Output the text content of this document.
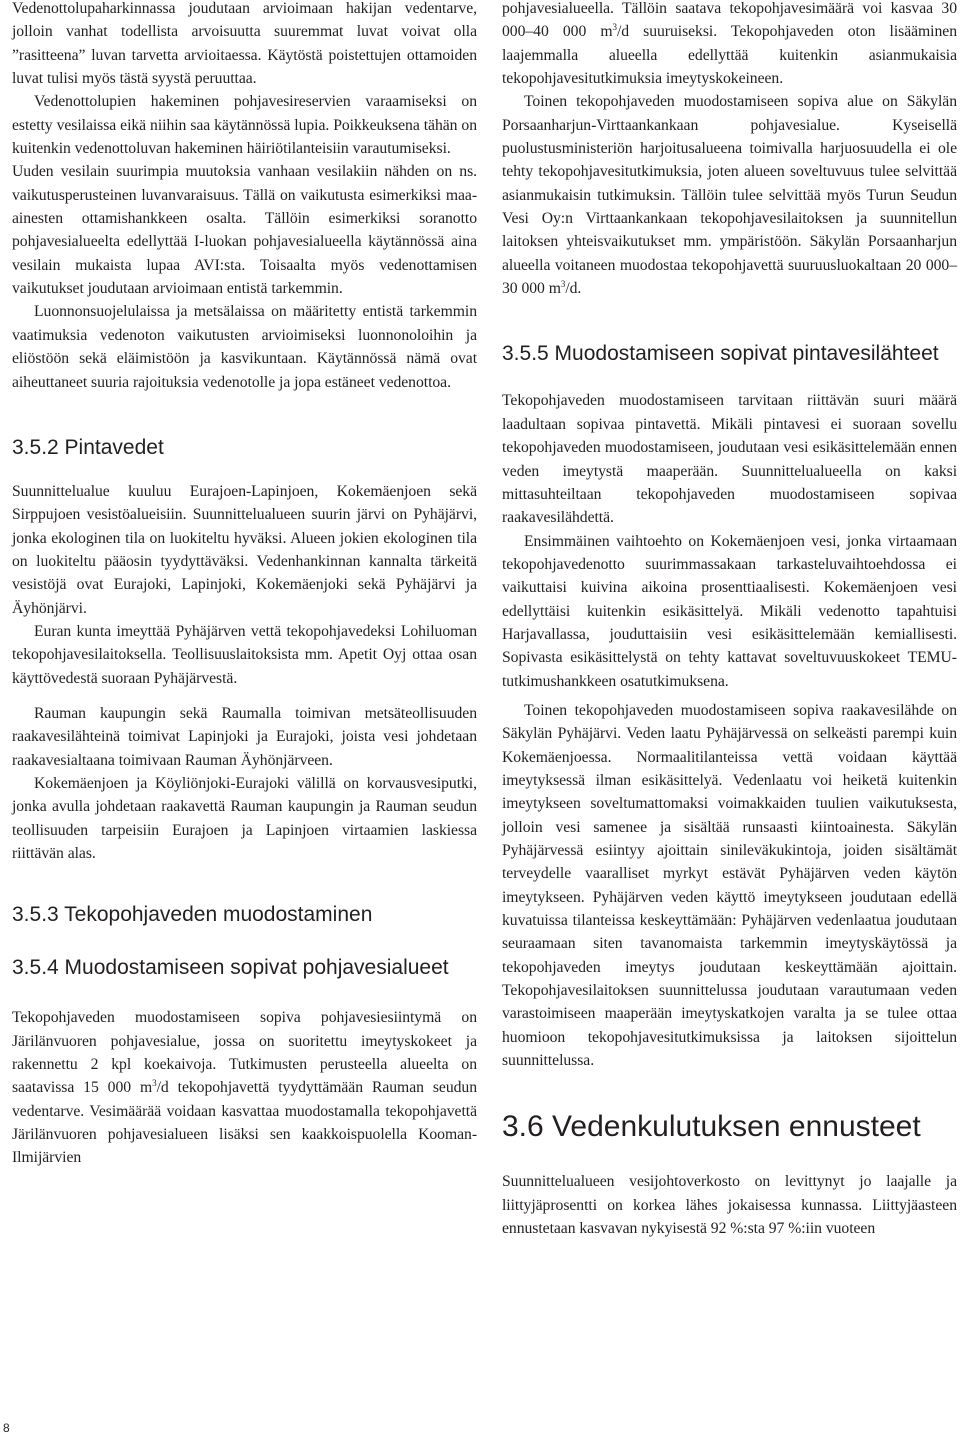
Vedenottolupaharkinnassa joudutaan arvioimaan hakijan vedentarve, jolloin vanhat todellista arvoisuutta suuremmat luvat voivat olla ”rasitteena” luvan tarvetta arvioitaessa. Käytöstä poistettujen ottamoiden luvat tulisi myös tästä syystä peruuttaa.

Vedenottolupien hakeminen pohjavesireservien varaamiseksi on estetty vesilaissa eikä niihin saa käytännössä lupia. Poikkeuksena tähän on kuitenkin vedenottoluvan hakeminen häiriötilanteisiin varautumiseksi.

Uuden vesilain suurimpia muutoksia vanhaan vesilakiin nähden on ns. vaikutusperusteinen luvanvaraisuus. Tällä on vaikutusta esimerkiksi maa-ainesten ottamishankkeen osalta. Tällöin esimerkiksi soranotto pohjavesialueelta edellyttää I-luokan pohjavesialueella käytännössä aina vesilain mukaista lupaa AVI:sta. Toisaalta myös vedenottamisen vaikutukset joudutaan arvioimaan entistä tarkemmin.

Luonnonsuojelulaissa ja metsälaissa on määritetty entistä tarkemmin vaatimuksia vedenoton vaikutusten arvioimiseksi luonnonoloihin ja eliöstöön sekä eläimistöön ja kasvikuntaan. Käytännössä nämä ovat aiheuttaneet suuria rajoituksia vedenotolle ja jopa estäneet vedenottoa.

3.5.2 Pintavedet

Suunnittelualue kuuluu Eurajoen-Lapinjoen, Kokemäenjoen sekä Sirppujoen vesistöalueisiin. Suunnittelualueen suurin järvi on Pyhäjärvi, jonka ekologinen tila on luokiteltu hyväksi. Alueen jokien ekologinen tila on luokiteltu pääosin tyydyttäväksi. Vedenhankinnan kannalta tärkeitä vesistöjä ovat Eurajoki, Lapinjoki, Kokemäenjoki sekä Pyhäjärvi ja Äyhönjärvi.

Euran kunta imeyttää Pyhäjärven vettä tekopohjavedeksi Lohiluoman tekopohjavesilaitoksella. Teollisuuslaitoksista mm. Apetit Oyj ottaa osan käyttövedestä suoraan Pyhäjärvestä.

Rauman kaupungin sekä Raumalla toimivan metsäteollisuuden raakavesilähteinä toimivat Lapinjoki ja Eurajoki, joista vesi johdetaan raakavesialtaana toimivaan Rauman Äyhönjärveen.

Kokemäenjoen ja Köyliönjoki-Eurajoki välillä on korvausvesiputki, jonka avulla johdetaan raakavettä Rauman kaupungin ja Rauman seudun teollisuuden tarpeisiin Eurajoen ja Lapinjoen virtaamien laskiessa riittävän alas.

3.5.3 Tekopohjaveden muodostaminen
3.5.4 Muodostamiseen sopivat pohjavesialueet

Tekopohjaveden muodostamiseen sopiva pohjavesiesiintymä on Järilänvuoren pohjavesialue, jossa on suoritettu imeytyskokeet ja rakennettu 2 kpl koekaivoja. Tutkimusten perusteella alueelta on saatavissa 15 000 $m^3/d$ tekopohjavettä tyydyttämään Rauman seudun vedentarve. Vesimäärää voidaan kasvattaa muodostamalla tekopohjavettä Järilänvuoren pohjavesialueen lisäksi sen kaakkoispuolella Kooman-Ilmijärvien

pohjavesialueella. Tällöin saatava tekopohjavesimäärä voi kasvaa 30 000–40 000 $m^3/d$ suuruiseksi. Tekopohjaveden oton lisääminen laajemmalla alueella edellyttää kuitenkin asianmukaisia tekopohjavesitutkimuksia imeytyskokeineen.

Toinen tekopohjaveden muodostamiseen sopiva alue on Säkylän Porsaanharjun-Virttaankankaan pohjavesialue. Kyseisellä puolustusministeriön harjoitusalueena toimivalla harjuosuudella ei ole tehty tekopohjavesitutkimuksia, joten alueen soveltuvuus tulee selvittää asianmukaisin tutkimuksin. Tällöin tulee selvittää myös Turun Seudun Vesi Oy:n Virttaankankaan tekopohjavesilaitoksen ja suunnitellun laitoksen yhteisvaikutukset mm. ympäristöön. Säkylän Porsaanharjun alueella voitaneen muodostaa tekopohjavettä suuruusluokaltaan 20 000– 30 000 $m^3/d$.

3.5.5 Muodostamiseen sopivat pintavesilähteet

Tekopohjaveden muodostamiseen tarvitaan riittävän suuri määrä laadultaan sopivaa pintavettä. Mikäli pintavesi ei suoraan sovellu tekopohjaveden muodostamiseen, joudutaan vesi esikäsittelemään ennen veden imeytystä maaperään. Suunnittelualueella on kaksi mittasuhteiltaan tekopohjaveden muodostamiseen sopivaa raakavesilähdettä.

Ensimmäinen vaihtoehto on Kokemäenjoen vesi, jonka virtaamaan tekopohjavedenotto suurimmassakaan tarkasteluvaihtoehdossa ei vaikuttaisi kuivina aikoina prosenttiaalisesti. Kokemäenjoen vesi edellyttäisi kuitenkin esikäsittelyä. Mikäli vedenotto tapahtuisi Harjavallassa, jouduttaisiin vesi esikäsittelemään kemiallisesti. Sopivasta esikäsittelystä on tehty kattavat soveltuvuuskokeet TEMU-tutkimushankkeen osatutkimuksena.

Toinen tekopohjaveden muodostamiseen sopiva raakavesilähde on Säkylän Pyhäjärvi. Veden laatu Pyhäjärvessä on selkeästi parempi kuin Kokemäenjoessa. Normaalitilanteissa vettä voidaan käyttää imeytyksessä ilman esikäsittelyä. Vedenlaatu voi heiketä kuitenkin imeytykseen soveltumattomaksi voimakkaiden tuulien vaikutuksesta, jolloin vesi samenee ja sisältää runsaasti kiintoainesta. Säkylän Pyhäjärvessä esiintyy ajoittain sinileväkukintoja, joiden sisältämät terveydelle vaaralliset myrkyt estävät Pyhäjärven veden käytön imeytykseen. Pyhäjärven veden käyttö imeytykseen joudutaan edellä kuvatuissa tilanteissa keskeyttämään: Pyhäjärven vedenlaatua joudutaan seuraamaan siten tavanomaista tarkemmin imeytyskäytössä ja tekopohjaveden imeytys joudutaan keskeyttämään ajoittain. Tekopohjavesilaitoksen suunnittelussa joudutaan varautumaan veden varastoimiseen maaperään imeytyskatkojen varalta ja se tulee ottaa huomioon tekopohjavesitutkimuksissa ja laitoksen sijoittelun suunnittelussa.

3.6 Vedenkulutuksen ennusteet

Suunnittelualueen vesijohtoverkosto on levittynyt jo laajalle ja liittyjäprosentti on korkea lähes jokaisessa kunnassa. Liittyjäasteen ennustetaan kasvavan nykyisestä 92 %:sta 97 %:iin vuoteen

8
